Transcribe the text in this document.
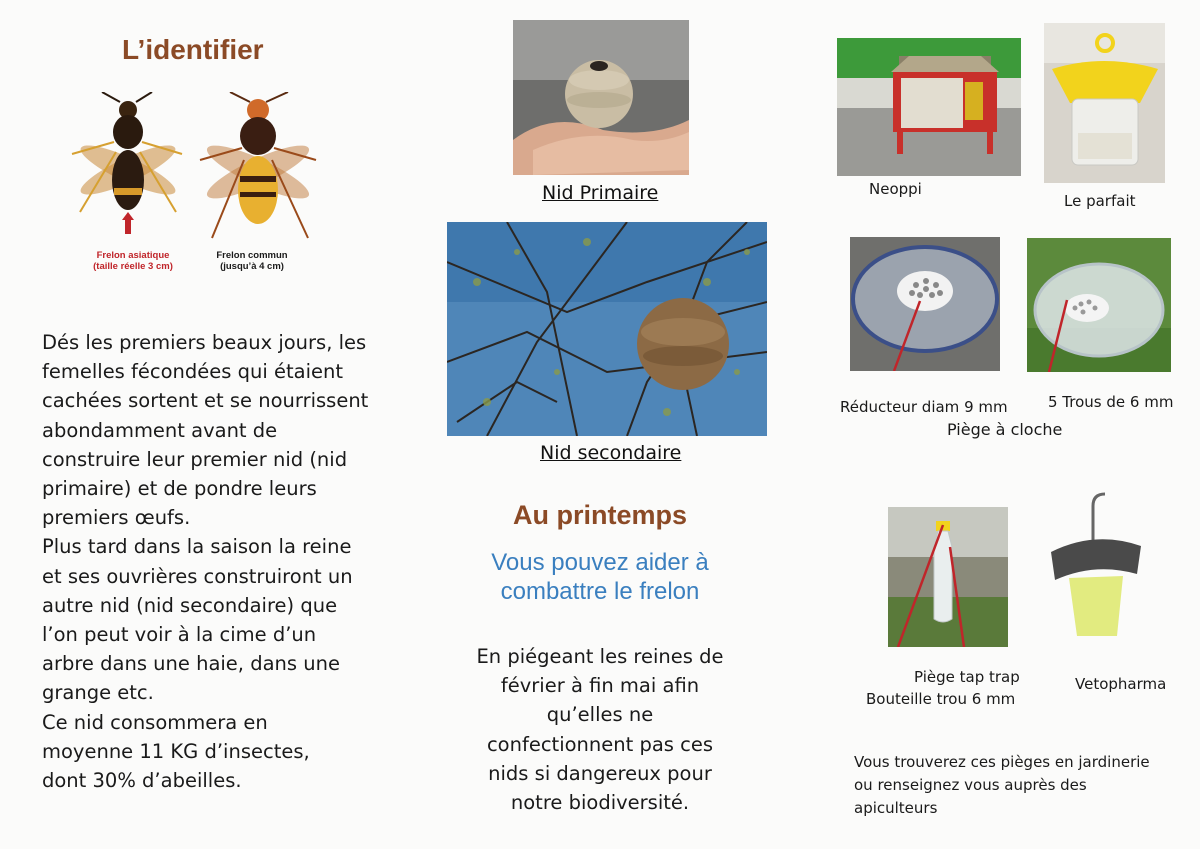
L’identifier
Frelon asiatique
(taille réelle 3 cm)
Frelon commun
(jusqu’à 4 cm)
Dés les premiers beaux jours, les
femelles fécondées qui étaient
cachées sortent et se nourrissent
abondamment avant de
construire leur premier nid (nid
primaire) et de pondre leurs
premiers œufs.
Plus tard dans la saison la reine
et ses ouvrières construiront un
autre nid (nid secondaire) que
l’on peut voir à la cime d’un
arbre dans une haie, dans une
grange etc.
Ce nid consommera en
moyenne 11 KG d’insectes,
dont 30% d’abeilles.
Nid Primaire
Nid secondaire
Au printemps
Vous pouvez aider à
combattre le frelon
En piégeant les reines de
février à fin mai afin
qu’elles ne
confectionnent pas ces
nids si dangereux pour
notre biodiversité.
Neoppi
Le parfait
Réducteur diam 9 mm	5 Trous de 6 mm
Piège à cloche
Piège tap trap
Bouteille trou 6 mm
Vetopharma
Vous trouverez ces pièges en jardinerie
ou renseignez vous auprès des
apiculteurs
